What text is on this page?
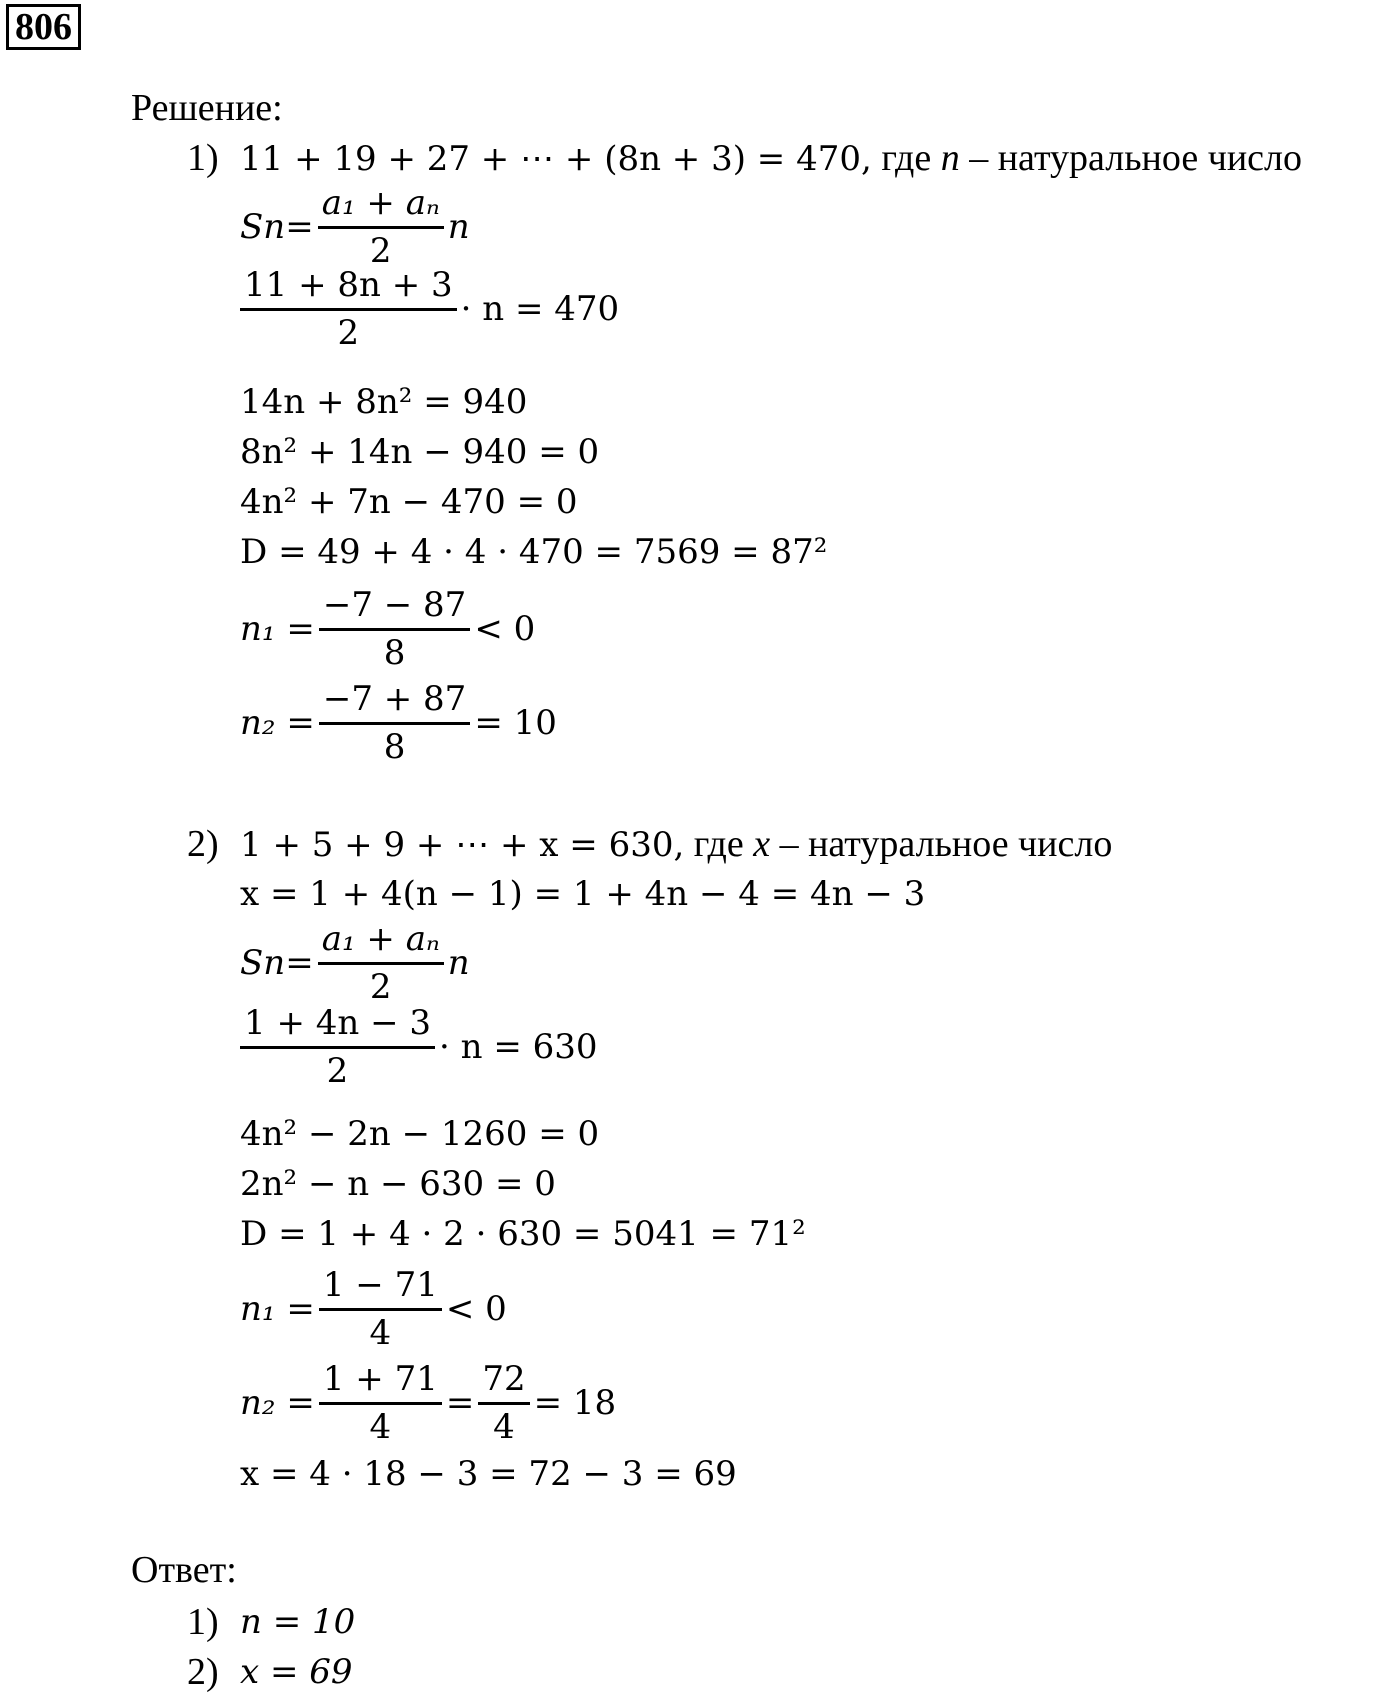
806
Решение:
1) 11 + 19 + 27 + ⋯ + (8n + 3) = 470, где n – натуральное число
S $n = \frac{\text{a₁ + aₙ}}{2}$ n
$\frac{11 + 8n + 3}{2} \cdot n = 470$
14n + 8n² = 940
8n² + 14n − 940 = 0
4n² + 7n − 470 = 0
D = 49 + 4 · 4 · 470 = 7569 = 87²
$n_1 = \frac{-7 - 87}{8} < 0$
$n_2 = \frac{-7 + 87}{8} = 10$
2) 1 + 5 + 9 + ⋯ + x = 630, где x – натуральное число
x = 1 + 4(n − 1) = 1 + 4n − 4 = 4n − 3
S $n = \frac{\text{a₁ + aₙ}}{2}$ n
$\frac{1 + 4n - 3}{2} \cdot n = 630$
4n² − 2n − 1260 = 0
2n² − n − 630 = 0
D = 1 + 4 · 2 · 630 = 5041 = 71²
$n_1 = \frac{1 - 71}{4} < 0$
$n_2 = \frac{1 + 71}{4} = \frac{72}{4} = 18$
x = 4 · 18 − 3 = 72 − 3 = 69
Ответ:
1) n = 10
2) x = 69
